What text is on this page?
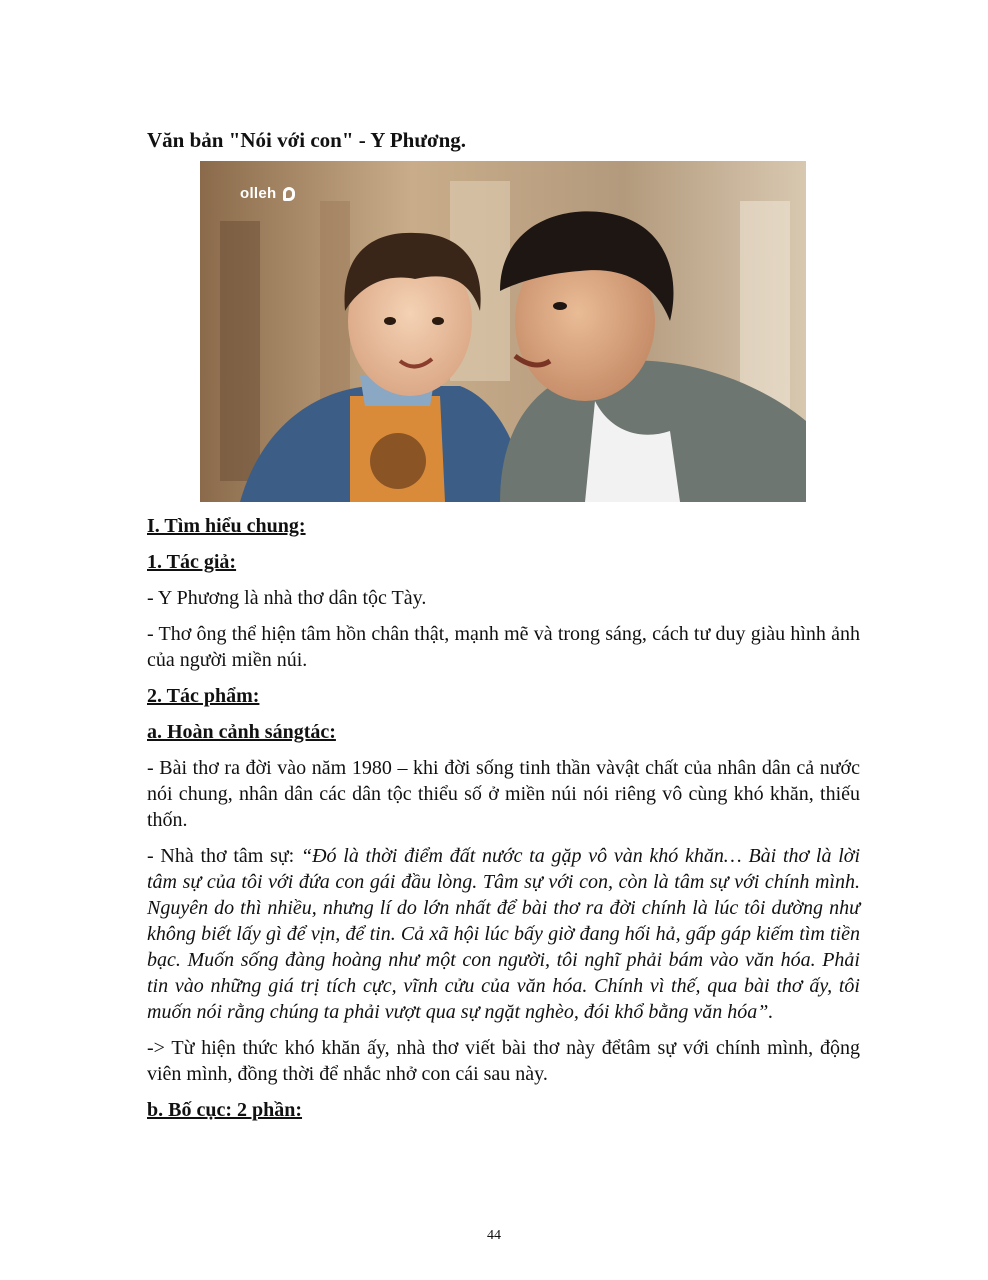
Văn bản "Nói với con" - Y Phương.
olleh

I. Tìm hiểu chung:

1. Tác giả:

- Y Phương là nhà thơ dân tộc Tày.

- Thơ ông thể hiện tâm hồn chân thật, mạnh mẽ và trong sáng, cách tư duy giàu hình ảnh của người miền núi.

2. Tác phẩm:

a. Hoàn cảnh sángtác:

- Bài thơ ra đời vào năm 1980 – khi đời sống tinh thần vàvật chất của nhân dân cả nước nói chung, nhân dân các dân tộc thiểu số ở miền núi nói riêng vô cùng khó khăn, thiếu thốn.

- Nhà thơ tâm sự: “Đó là thời điểm đất nước ta gặp vô vàn khó khăn… Bài thơ là lời tâm sự của tôi với đứa con gái đầu lòng. Tâm sự với con, còn là tâm sự với chính mình. Nguyên do thì nhiều, nhưng lí do lớn nhất để bài thơ ra đời chính là lúc tôi dường như không biết lấy gì để vịn, để tin. Cả xã hội lúc bấy giờ đang hối hả, gấp gáp kiếm tìm tiền bạc. Muốn sống đàng hoàng như một con người, tôi nghĩ phải bám vào văn hóa. Phải tin vào những giá trị tích cực, vĩnh cửu của văn hóa. Chính vì thế, qua bài thơ ấy, tôi muốn nói rằng chúng ta phải vượt qua sự ngặt nghèo, đói khổ bằng văn hóa”.

-> Từ hiện thức khó khăn ấy, nhà thơ viết bài thơ này đểtâm sự với chính mình, động viên mình, đồng thời để nhắc nhở con cái sau này.

b. Bố cục: 2 phần:

44
